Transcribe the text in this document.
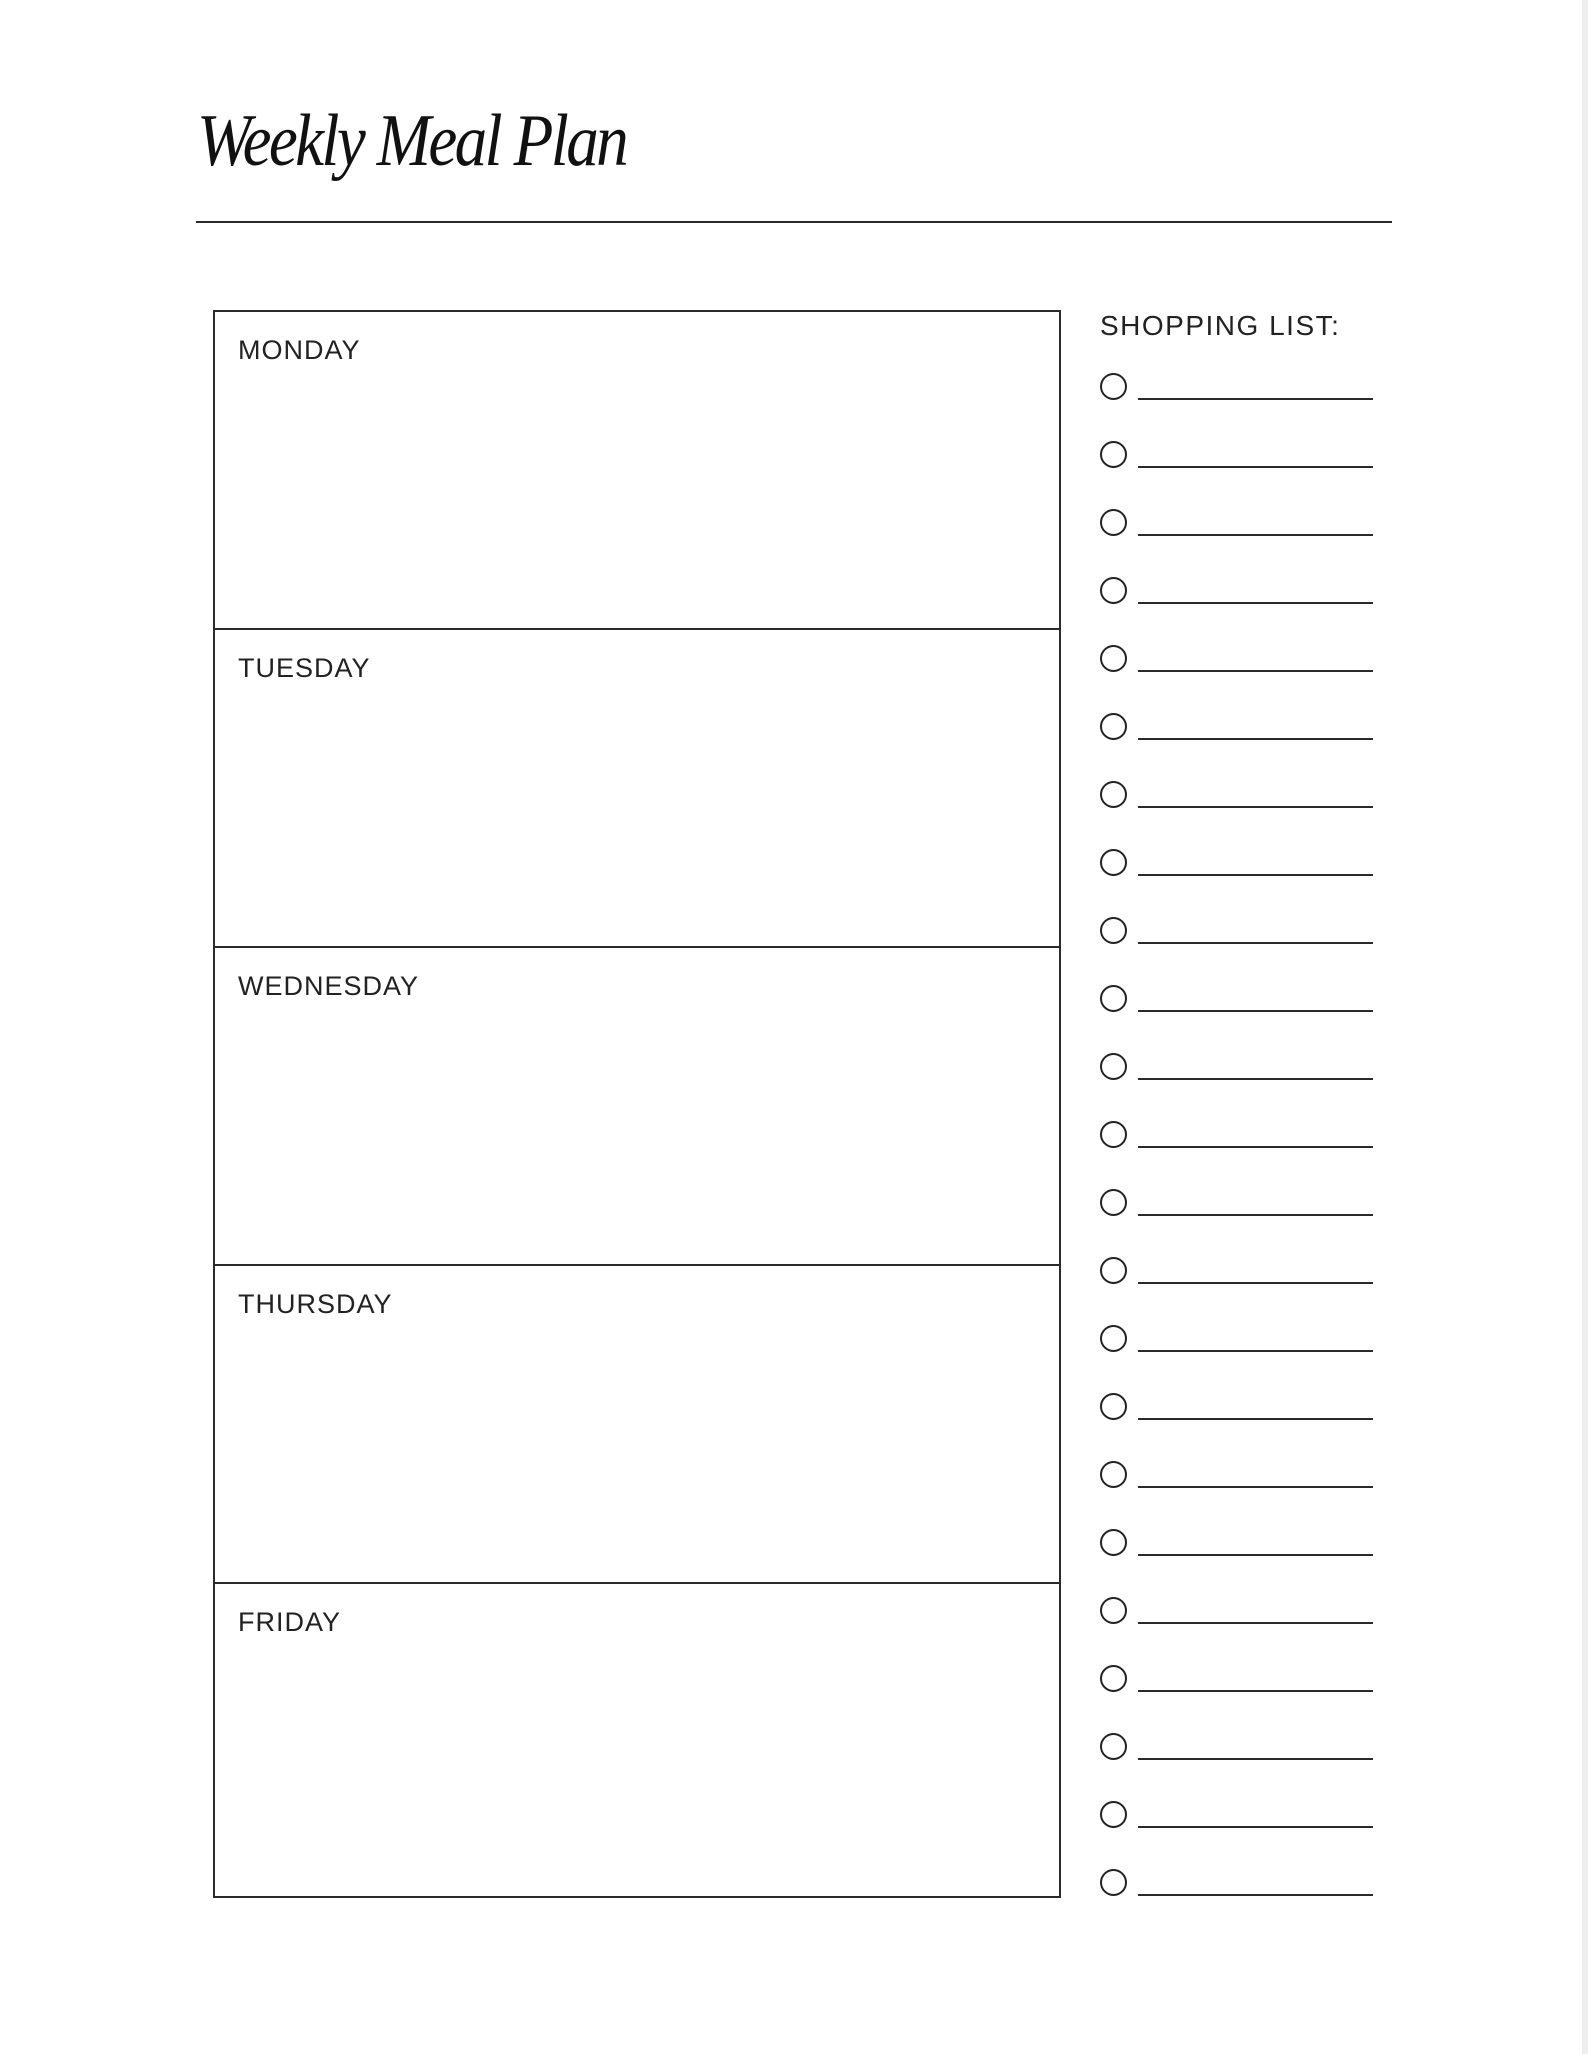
Weekly Meal Plan
MONDAY
TUESDAY
WEDNESDAY
THURSDAY
FRIDAY

SHOPPING LIST:
